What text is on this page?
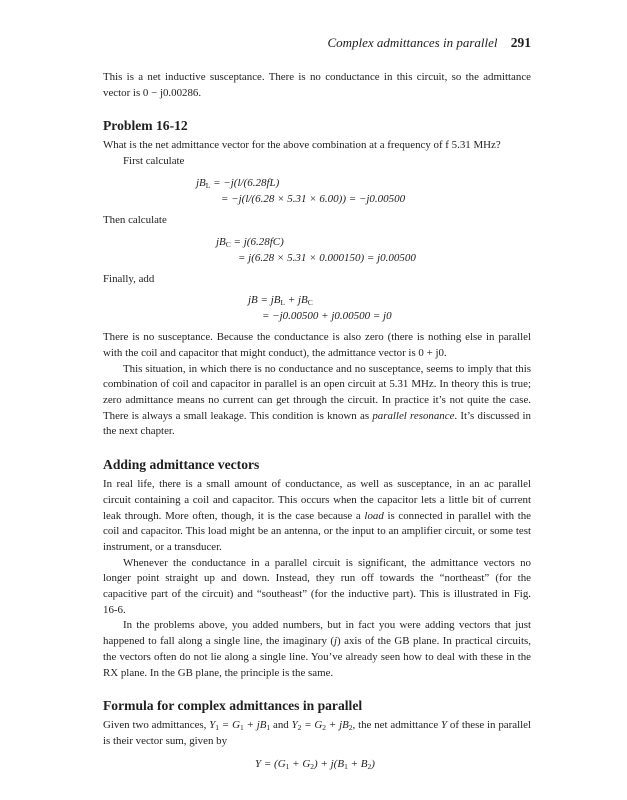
Complex admittances in parallel 291

This is a net inductive susceptance. There is no conductance in this circuit, so the admittance vector is 0 − j0.00286.

Problem 16-12

What is the net admittance vector for the above combination at a frequency of f 5.31 MHz?

First calculate

$jB_L = -j(l/(6.28fL)$
= −j(l/(6.28 × 5.31 × 6.00)) = −j0.00500

Then calculate

$jB_C = j(6.28fC)$
= j(6.28 × 5.31 × 0.000150) = j0.00500

Finally, add

jB = $jB_L + jB_C$
= −j0.00500 + j0.00500 = j0

There is no susceptance. Because the conductance is also zero (there is nothing else in parallel with the coil and capacitor that might conduct), the admittance vector is 0 + j0.

This situation, in which there is no conductance and no susceptance, seems to imply that this combination of coil and capacitor in parallel is an open circuit at 5.31 MHz. In theory this is true; zero admittance means no current can get through the circuit. In practice it’s not quite the case. There is always a small leakage. This condition is known as parallel resonance. It’s discussed in the next chapter.

Adding admittance vectors

In real life, there is a small amount of conductance, as well as susceptance, in an ac parallel circuit containing a coil and capacitor. This occurs when the capacitor lets a little bit of current leak through. More often, though, it is the case because a load is connected in parallel with the coil and capacitor. This load might be an antenna, or the input to an amplifier circuit, or some test instrument, or a transducer.

Whenever the conductance in a parallel circuit is significant, the admittance vectors no longer point straight up and down. Instead, they run off towards the “northeast” (for the capacitive part of the circuit) and “southeast” (for the inductive part). This is illustrated in Fig. 16-6.

In the problems above, you added numbers, but in fact you were adding vectors that just happened to fall along a single line, the imaginary (j) axis of the GB plane. In practical circuits, the vectors often do not lie along a single line. You’ve already seen how to deal with these in the RX plane. In the GB plane, the principle is the same.

Formula for complex admittances in parallel

Given two admittances, $Y_1 = G_1 + jB_1$ and $Y_2 = G_2 + jB_2$, the net admittance Y of these in parallel is their vector sum, given by

$Y = (G_1 + G_2) + j(B_1 + B_2)$
